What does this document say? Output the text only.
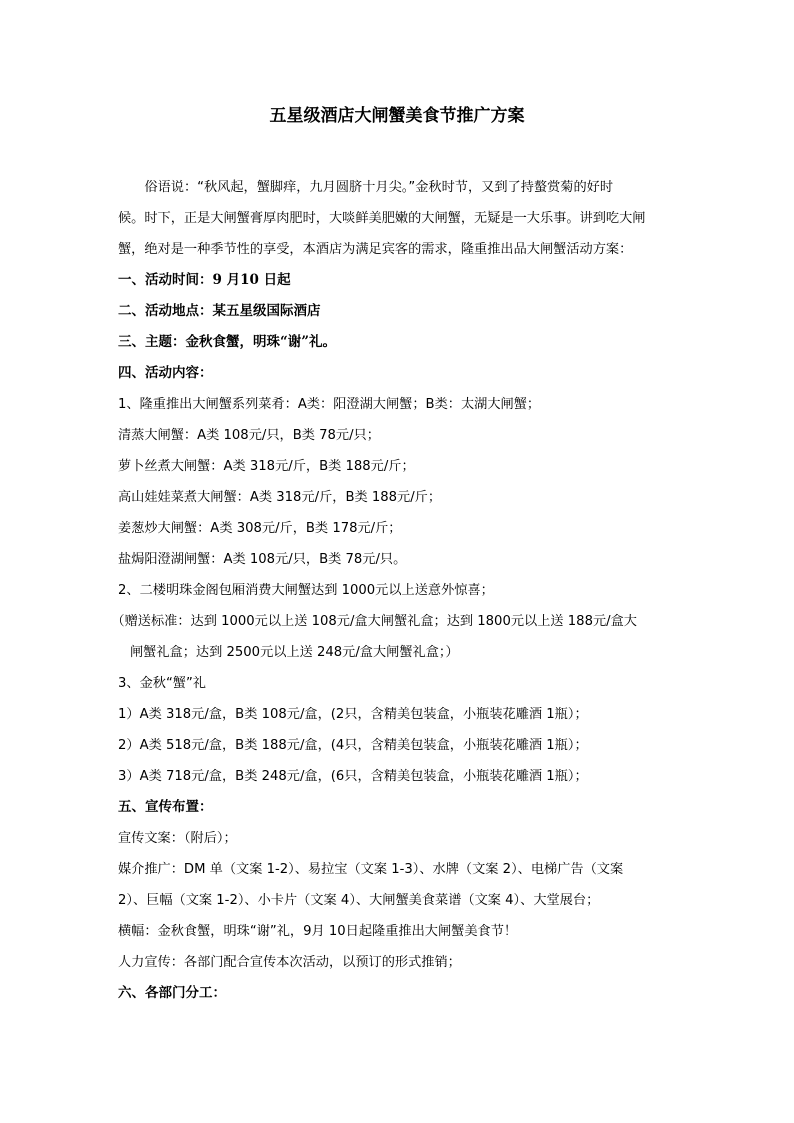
五星级酒店大闸蟹美食节推广方案
俗语说：“秋风起，蟹脚痒，九月圆脐十月尖。”金秋时节，又到了持螯赏菊的好时
候。时下，正是大闸蟹膏厚肉肥时，大啖鲜美肥嫩的大闸蟹，无疑是一大乐事。讲到吃大闸
蟹，绝对是一种季节性的享受，本酒店为满足宾客的需求，隆重推出品大闸蟹活动方案：
一、活动时间：9 月10 日起
二、活动地点：某五星级国际酒店
三、主题：金秋食蟹，明珠“谢”礼。
四、活动内容：
1、隆重推出大闸蟹系列菜肴：A类：阳澄湖大闸蟹；B类：太湖大闸蟹；
清蒸大闸蟹：A类 108元/只，B类 78元/只；
萝卜丝煮大闸蟹：A类 318元/斤，B类 188元/斤；
高山娃娃菜煮大闸蟹：A类 318元/斤，B类 188元/斤；
姜葱炒大闸蟹：A类 308元/斤，B类 178元/斤；
盐焗阳澄湖闸蟹：A类 108元/只，B类 78元/只。
2、二楼明珠金阁包厢消费大闸蟹达到 1000元以上送意外惊喜；
（赠送标准：达到 1000元以上送 108元/盒大闸蟹礼盒；达到 1800元以上送 188元/盒大
闸蟹礼盒；达到 2500元以上送 248元/盒大闸蟹礼盒；）
3、金秋“蟹”礼
1）A类 318元/盒，B类 108元/盒，(2只，含精美包装盒，小瓶装花雕酒 1瓶）；
2）A类 518元/盒，B类 188元/盒，(4只，含精美包装盒，小瓶装花雕酒 1瓶）；
3）A类 718元/盒，B类 248元/盒，(6只，含精美包装盒，小瓶装花雕酒 1瓶）；
五、宣传布置：
宣传文案：（附后）；
媒介推广：DM 单（文案 1-2）、易拉宝（文案 1-3）、水牌（文案 2）、电梯广告（文案
2）、巨幅（文案 1-2）、小卡片（文案 4）、大闸蟹美食菜谱（文案 4）、大堂展台；
横幅：金秋食蟹，明珠“谢”礼，9月 10日起隆重推出大闸蟹美食节！
人力宣传：各部门配合宣传本次活动，以预订的形式推销；
六、各部门分工：
